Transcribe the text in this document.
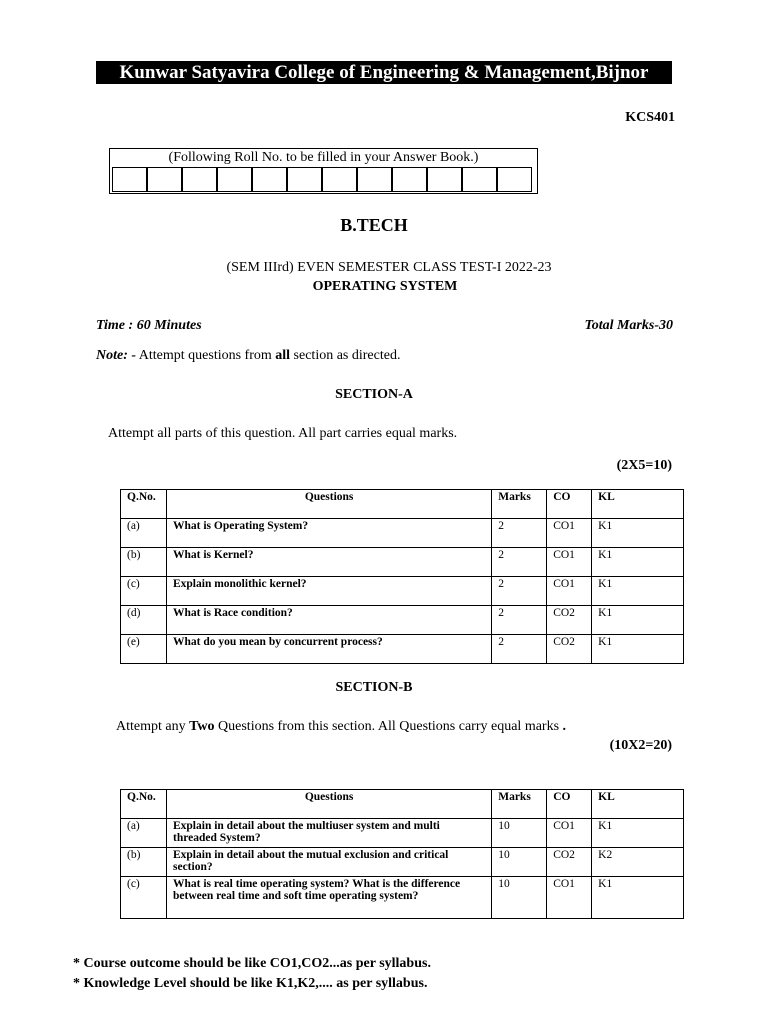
Kunwar Satyavira College of Engineering & Management,Bijnor
KCS401
(Following Roll No. to be filled in your Answer Book.)
B.TECH
(SEM IIIrd) EVEN SEMESTER CLASS TEST-I 2022-23
OPERATING SYSTEM
Time : 60 Minutes	Total Marks-30
Note: - Attempt questions from all section as directed.
SECTION-A
Attempt all parts of this question. All part carries equal marks.
(2X5=10)
Q.No.	Questions	Marks	CO	KL
(a)	What is Operating System?	2	CO1	K1
(b)	What is Kernel?	2	CO1	K1
(c)	Explain monolithic kernel?	2	CO1	K1
(d)	What is Race condition?	2	CO2	K1
(e)	What do you mean by concurrent process?	2	CO2	K1
SECTION-B
Attempt any Two Questions from this section. All Questions carry equal marks .
(10X2=20)
Q.No.	Questions	Marks	CO	KL
(a)	Explain in detail about the multiuser system and multi threaded System?	10	CO1	K1
(b)	Explain in detail about the mutual exclusion and critical section?	10	CO2	K2
(c)	What is real time operating system? What is the difference between real time and soft time operating system?	10	CO1	K1
* Course outcome should be like CO1,CO2...as per syllabus.
* Knowledge Level should be like K1,K2,.... as per syllabus.
